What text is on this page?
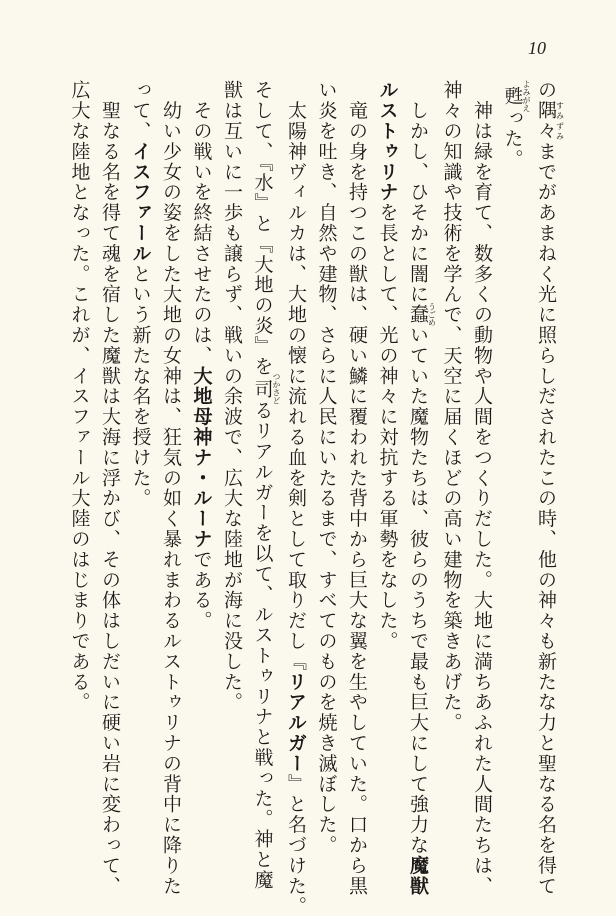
10

の隅々すみずみまでがあまねく光に照らしだされたこの時、他の神々も新たな力と聖なる名を得て

甦よみがえった。

　神は緑を育て、数多くの動物や人間をつくりだした。大地に満ちあふれた人間たちは、

神々の知識や技術を学んで、天空に届くほどの高い建物を築きあげた。

　しかし、ひそかに闇に蠢うごめいていた魔物たちは、彼らのうちで最も巨大にして強力な魔獣

ルストゥリナを長として、光の神々に対抗する軍勢をなした。

　竜の身を持つこの獣は、硬い鱗に覆われた背中から巨大な翼を生やしていた。口から黒

い炎を吐き、自然や建物、さらに人民にいたるまで、すべてのものを焼き滅ぼした。

　太陽神ヴィルカは、大地の懐に流れる血を剣として取りだし『リアルガー』と名づけた。

そして、『水』と『大地の炎』を司つかさどるリアルガーを以て、ルストゥリナと戦った。神と魔

獣は互いに一歩も譲らず、戦いの余波で、広大な陸地が海に没した。

　その戦いを終結させたのは、大地母神ナ・ルーナである。

　幼い少女の姿をした大地の女神は、狂気の如く暴れまわるルストゥリナの背中に降りた

って、イスファールという新たな名を授けた。

　聖なる名を得て魂を宿した魔獣は大海に浮かび、その体はしだいに硬い岩に変わって、

広大な陸地となった。これが、イスファール大陸のはじまりである。
